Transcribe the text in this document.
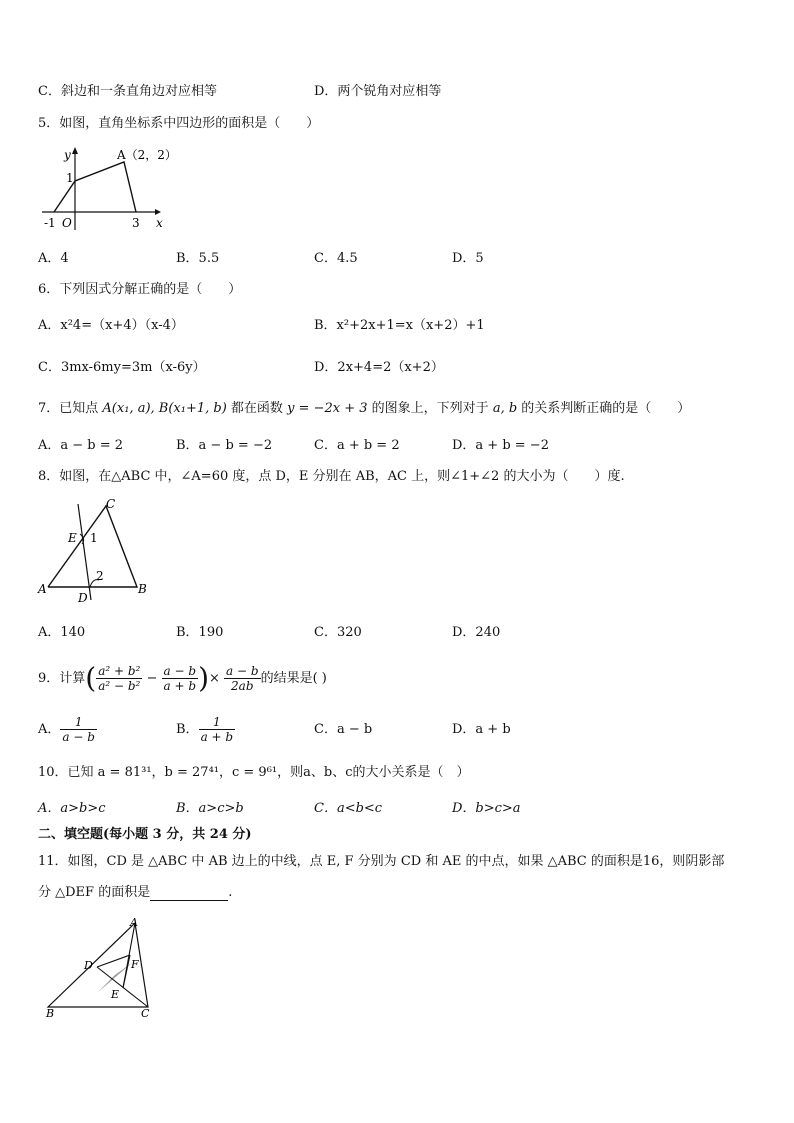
C．斜边和一条直角边对应相等	D．两个锐角对应相等
5．如图，直角坐标系中四边形的面积是（　　）
y
x
A（2，2）
1
-1 O	3
A．4	B．5.5	C．4.5	D．5
6．下列因式分解正确的是（　　）
A．x²4=（x+4）（x-4）	B．x²+2x+1=x（x+2）+1
C．3mx-6my=3m（x-6y）	D．2x+4=2（x+2）
7．已知点 A(x₁, a), B(x₁+1, b) 都在函数 y = −2x + 3 的图象上，下列对于 a, b 的关系判断正确的是（　　）
A．a − b = 2	B．a − b = −2	C．a + b = 2	D．a + b = −2
8．如图，在△ABC 中，∠A=60 度，点 D，E 分别在 AB，AC 上，则∠1+∠2 的大小为（　　）度.
C
E 1
2
A
D
B
A．140	B．190	C．320	D．240
9．计算( $\frac{\text{a² + b²}}{\text{a² − b²}} - \frac{a - b}{a + b}$ )× $\frac{a - b}{2ab}$ 的结果是( )
A． $\frac{1}{a - b}$	B． $\frac{1}{a + b}$	C．a − b	D．a + b
10．已知 a = 81³¹，b = 27⁴¹，c = 9⁶¹，则a、b、c的大小关系是（　）
A．a>b>c	B．a>c>b	C．a<b<c	D．b>c>a
二、填空题(每小题 3 分，共 24 分)
11．如图，CD 是 △ABC 中 AB 边上的中线，点 E, F 分别为 CD 和 AE 的中点，如果 △ABC 的面积是16，则阴影部
分 △DEF 的面积是	.
A
D	F
E
B	C
